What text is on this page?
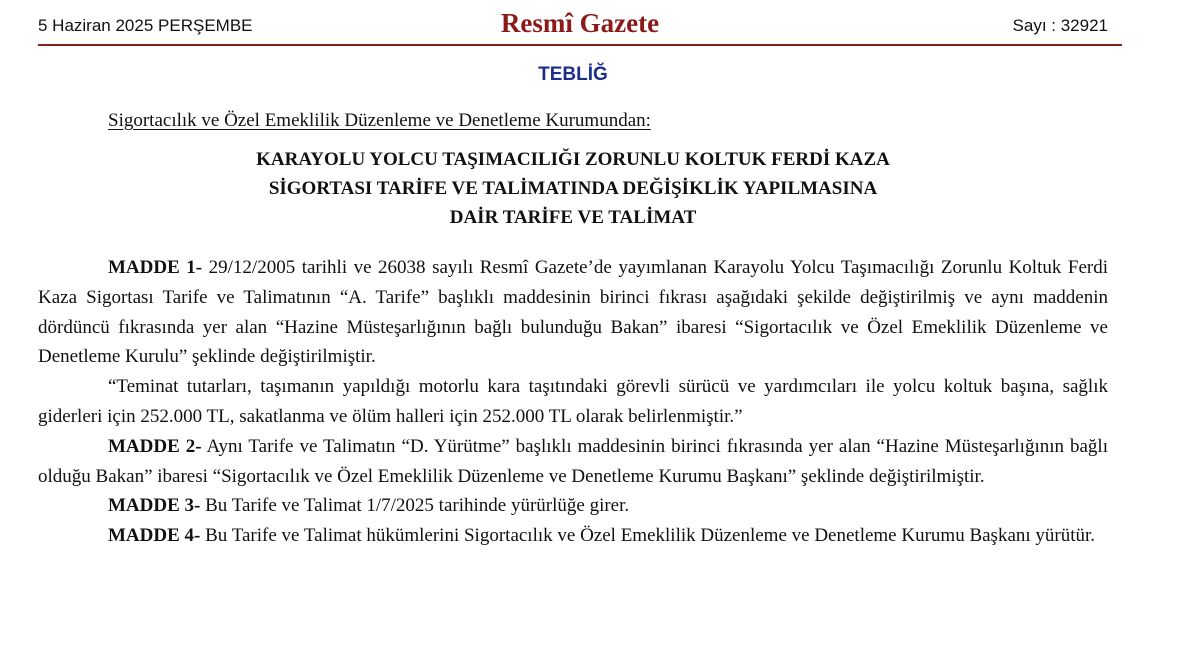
5 Haziran 2025 PERŞEMBE	Resmî Gazete	Sayı : 32921
TEBLİĞ
Sigortacılık ve Özel Emeklilik Düzenleme ve Denetleme Kurumundan:
KARAYOLU YOLCU TAŞIMACILIĞI ZORUNLU KOLTUK FERDİ KAZA
SİGORTASI TARİFE VE TALİMATINDA DEĞİŞİKLİK YAPILMASINA
DAİR TARİFE VE TALİMAT

MADDE 1- 29/12/2005 tarihli ve 26038 sayılı Resmî Gazete’de yayımlanan Karayolu Yolcu Taşımacılığı Zorunlu Koltuk Ferdi Kaza Sigortası Tarife ve Talimatının “A. Tarife” başlıklı maddesinin birinci fıkrası aşağıdaki şekilde değiştirilmiş ve aynı maddenin dördüncü fıkrasında yer alan “Hazine Müsteşarlığının bağlı bulunduğu Bakan” ibaresi “Sigortacılık ve Özel Emeklilik Düzenleme ve Denetleme Kurulu” şeklinde değiştirilmiştir.

“Teminat tutarları, taşımanın yapıldığı motorlu kara taşıtındaki görevli sürücü ve yardımcıları ile yolcu koltuk başına, sağlık giderleri için 252.000 TL, sakatlanma ve ölüm halleri için 252.000 TL olarak belirlenmiştir.”

MADDE 2- Aynı Tarife ve Talimatın “D. Yürütme” başlıklı maddesinin birinci fıkrasında yer alan “Hazine Müsteşarlığının bağlı olduğu Bakan” ibaresi “Sigortacılık ve Özel Emeklilik Düzenleme ve Denetleme Kurumu Başkanı” şeklinde değiştirilmiştir.

MADDE 3- Bu Tarife ve Talimat 1/7/2025 tarihinde yürürlüğe girer.

MADDE 4- Bu Tarife ve Talimat hükümlerini Sigortacılık ve Özel Emeklilik Düzenleme ve Denetleme Kurumu Başkanı yürütür.
